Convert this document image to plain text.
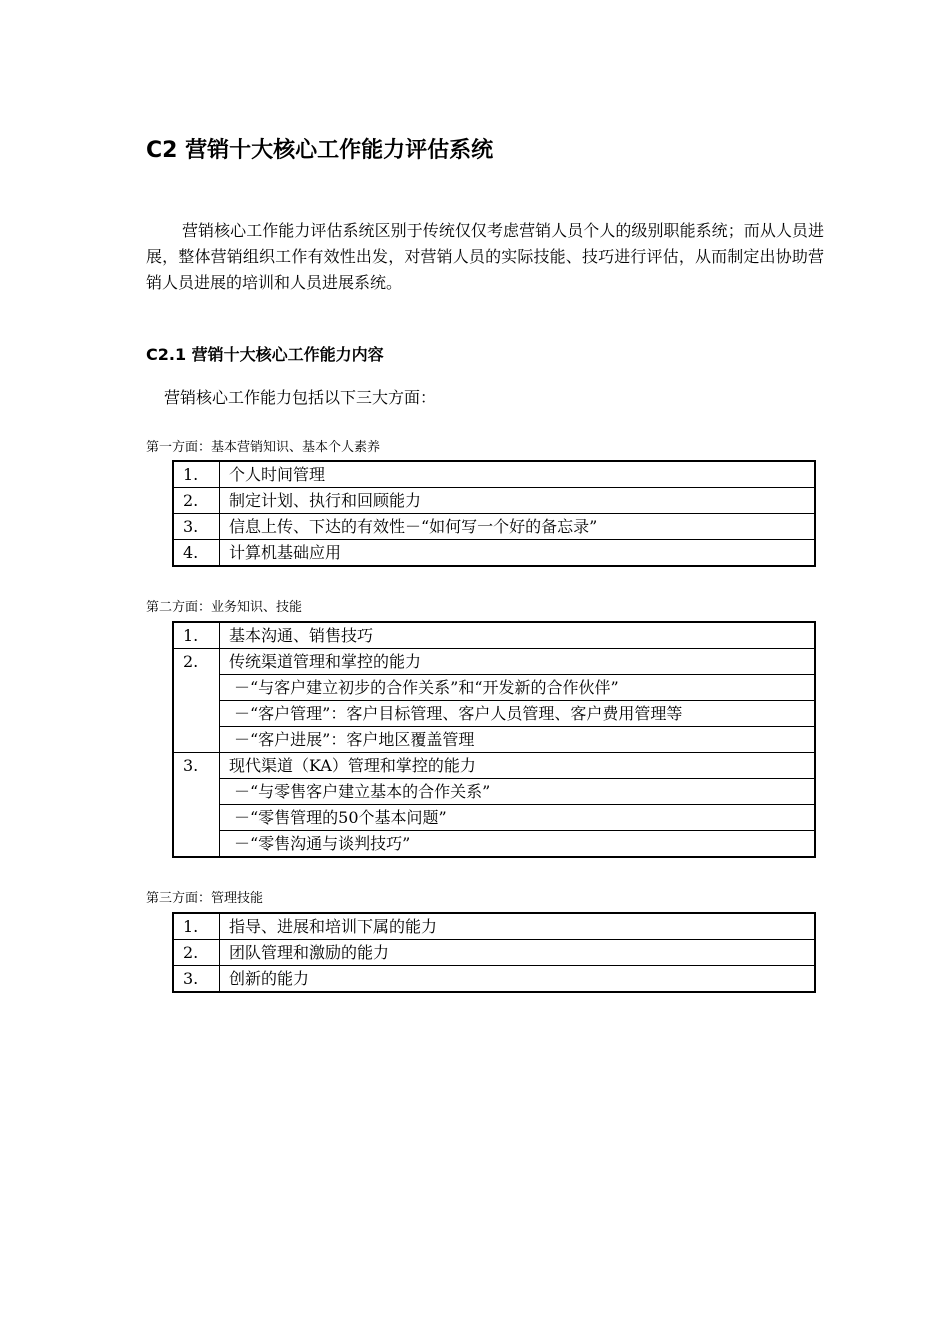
C2 营销十大核心工作能力评估系统
营销核心工作能力评估系统区别于传统仅仅考虑营销人员个人的级别职能系统；而从人员进展，整体营销组织工作有效性出发，对营销人员的实际技能、技巧进行评估，从而制定出协助营销人员进展的培训和人员进展系统。
C2.1 营销十大核心工作能力内容
营销核心工作能力包括以下三大方面：
第一方面：基本营销知识、基本个人素养
1.	个人时间管理
2.	制定计划、执行和回顾能力
3.	信息上传、下达的有效性－“如何写一个好的备忘录”
4.	计算机基础应用
第二方面：业务知识、技能
1.	基本沟通、销售技巧
2.	传统渠道管理和掌控的能力
	－“与客户建立初步的合作关系”和“开发新的合作伙伴”
	－“客户管理”：客户目标管理、客户人员管理、客户费用管理等
	－“客户进展”：客户地区覆盖管理
3.	现代渠道（KA）管理和掌控的能力
	－“与零售客户建立基本的合作关系”
	－“零售管理的50个基本问题”
	－“零售沟通与谈判技巧”
第三方面：管理技能
1.	指导、进展和培训下属的能力
2.	团队管理和激励的能力
3.	创新的能力
